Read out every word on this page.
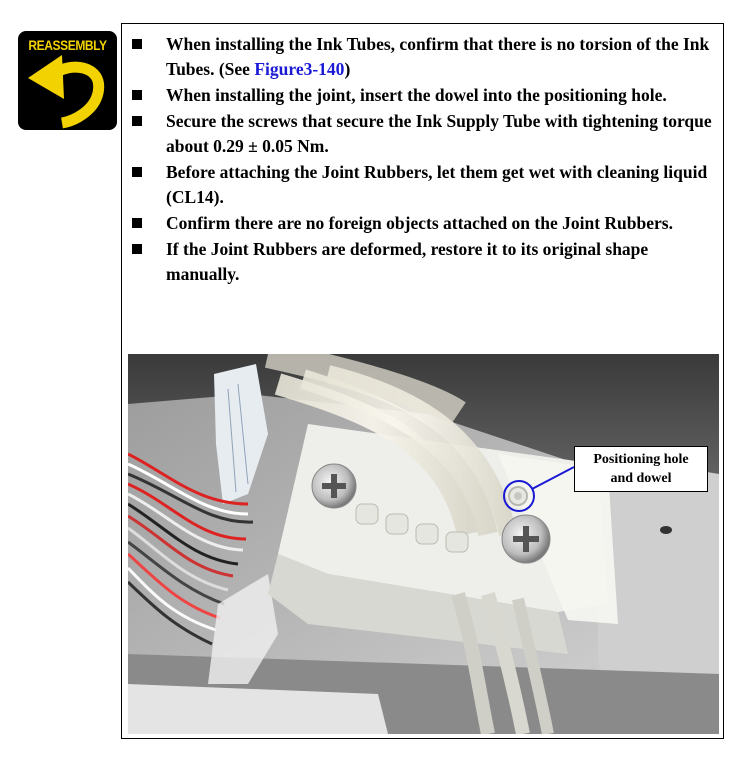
REASSEMBLY	When installing the Ink Tubes, confirm that there is no torsion of the Ink Tubes. (See Figure3-140)
When installing the joint, insert the dowel into the positioning hole.
Secure the screws that secure the Ink Supply Tube with tightening torque about 0.29 ± 0.05 Nm.
Before attaching the Joint Rubbers, let them get wet with cleaning liquid (CL14).
Confirm there are no foreign objects attached on the Joint Rubbers.
If the Joint Rubbers are deformed, restore it to its original shape manually.
Positioning hole
and dowel
